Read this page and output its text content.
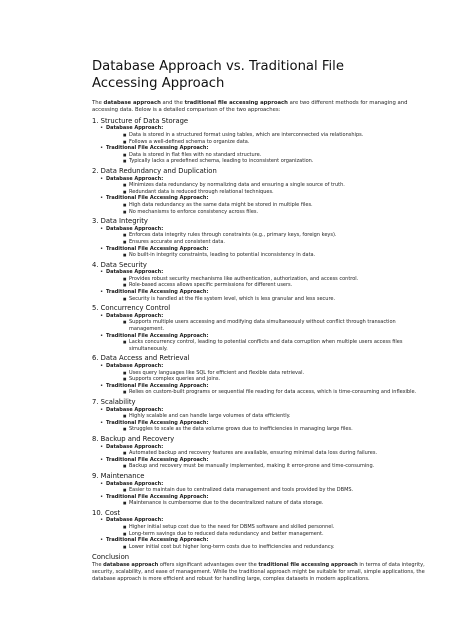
Database Approach vs. Traditional File Accessing Approach

The database approach and the traditional file accessing approach are two different methods for managing and accessing data. Below is a detailed comparison of the two approaches:

1. Structure of Data Storage
• Database Approach:
■ Data is stored in a structured format using tables, which are interconnected via relationships.
■ Follows a well-defined schema to organize data.
• Traditional File Accessing Approach:
■ Data is stored in flat files with no standard structure.
■ Typically lacks a predefined schema, leading to inconsistent organization.
2. Data Redundancy and Duplication
• Database Approach:
■ Minimizes data redundancy by normalizing data and ensuring a single source of truth.
■ Redundant data is reduced through relational techniques.
• Traditional File Accessing Approach:
■ High data redundancy as the same data might be stored in multiple files.
■ No mechanisms to enforce consistency across files.
3. Data Integrity
• Database Approach:
■ Enforces data integrity rules through constraints (e.g., primary keys, foreign keys).
■ Ensures accurate and consistent data.
• Traditional File Accessing Approach:
■ No built-in integrity constraints, leading to potential inconsistency in data.
4. Data Security
• Database Approach:
■ Provides robust security mechanisms like authentication, authorization, and access control.
■ Role-based access allows specific permissions for different users.
• Traditional File Accessing Approach:
■ Security is handled at the file system level, which is less granular and less secure.
5. Concurrency Control
• Database Approach:
■ Supports multiple users accessing and modifying data simultaneously without conflict through transaction management.
• Traditional File Accessing Approach:
■ Lacks concurrency control, leading to potential conflicts and data corruption when multiple users access files simultaneously.
6. Data Access and Retrieval
• Database Approach:
■ Uses query languages like SQL for efficient and flexible data retrieval.
■ Supports complex queries and joins.
• Traditional File Accessing Approach:
■ Relies on custom-built programs or sequential file reading for data access, which is time-consuming and inflexible.
7. Scalability
• Database Approach:
■ Highly scalable and can handle large volumes of data efficiently.
• Traditional File Accessing Approach:
■ Struggles to scale as the data volume grows due to inefficiencies in managing large files.
8. Backup and Recovery
• Database Approach:
■ Automated backup and recovery features are available, ensuring minimal data loss during failures.
• Traditional File Accessing Approach:
■ Backup and recovery must be manually implemented, making it error-prone and time-consuming.
9. Maintenance
• Database Approach:
■ Easier to maintain due to centralized data management and tools provided by the DBMS.
• Traditional File Accessing Approach:
■ Maintenance is cumbersome due to the decentralized nature of data storage.
10. Cost
• Database Approach:
■ Higher initial setup cost due to the need for DBMS software and skilled personnel.
■ Long-term savings due to reduced data redundancy and better management.
• Traditional File Accessing Approach:
■ Lower initial cost but higher long-term costs due to inefficiencies and redundancy.
Conclusion

The database approach offers significant advantages over the traditional file accessing approach in terms of data integrity, security, scalability, and ease of management. While the traditional approach might be suitable for small, simple applications, the database approach is more efficient and robust for handling large, complex datasets in modern applications.
